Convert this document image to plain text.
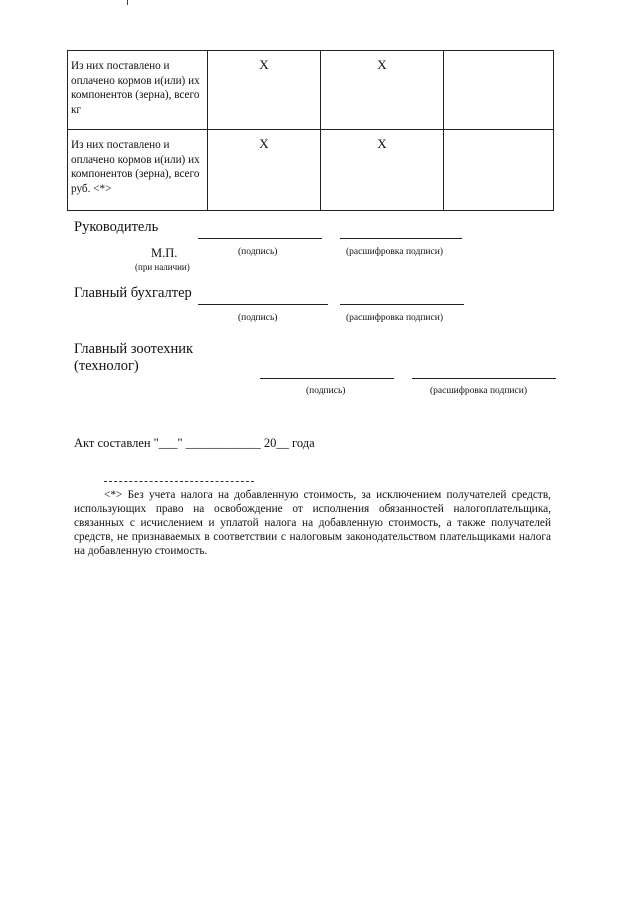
Из них поставлено и оплачено кормов и(или) их компонентов (зерна), всего кг	Х	Х	
Из них поставлено и оплачено кормов и(или) их компонентов (зерна), всего руб. <*>	Х	Х	
Руководитель
М.П.
(при наличии)
(подпись)	(расшифровка подписи)
Главный бухгалтер
(подпись)	(расшифровка подписи)
Главный зоотехник
(технолог)
(подпись)	(расшифровка подписи)
Акт составлен "___" ____________ 20__ года

<*> Без учета налога на добавленную стоимость, за исключением получателей средств, использующих право на освобождение от исполнения обязанностей налогоплательщика, связанных с исчислением и уплатой налога на добавленную стоимость, а также получателей средств, не признаваемых в соответствии с налоговым законодательством плательщиками налога на добавленную стоимость.
